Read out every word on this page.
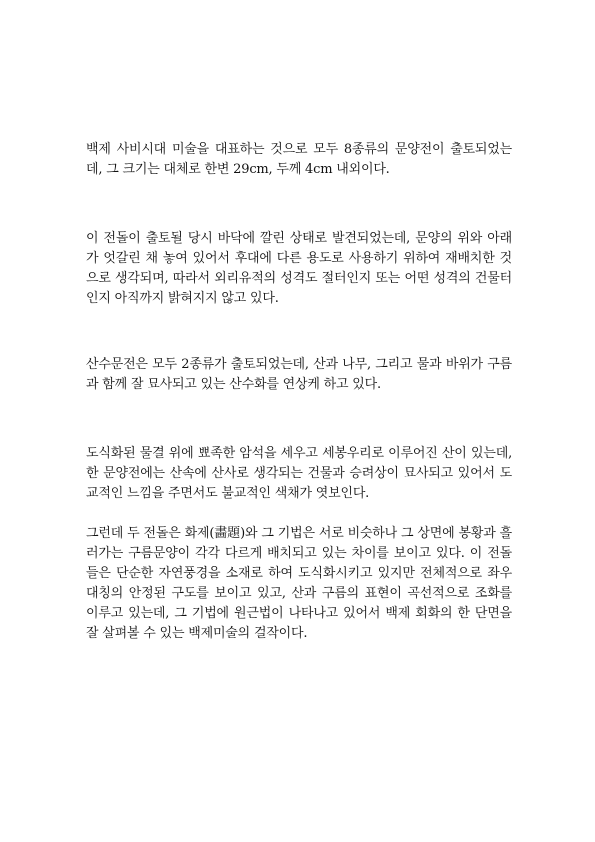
백제 사비시대 미술을 대표하는 것으로 모두 8종류의 문양전이 출토되었는데, 그 크기는 대체로 한변 29cm, 두께 4cm 내외이다.

이 전돌이 출토될 당시 바닥에 깔린 상태로 발견되었는데, 문양의 위와 아래가 엇갈린 채 놓여 있어서 후대에 다른 용도로 사용하기 위하여 재배치한 것으로 생각되며, 따라서 외리유적의 성격도 절터인지 또는 어떤 성격의 건물터인지 아직까지 밝혀지지 않고 있다.

산수문전은 모두 2종류가 출토되었는데, 산과 나무, 그리고 물과 바위가 구름과 함께 잘 묘사되고 있는 산수화를 연상케 하고 있다.

도식화된 물결 위에 뾰족한 암석을 세우고 세봉우리로 이루어진 산이 있는데, 한 문양전에는 산속에 산사로 생각되는 건물과 승려상이 묘사되고 있어서 도교적인 느낌을 주면서도 불교적인 색채가 엿보인다.

그런데 두 전돌은 화제(畵題)와 그 기법은 서로 비슷하나 그 상면에 봉황과 흘러가는 구름문양이 각각 다르게 배치되고 있는 차이를 보이고 있다. 이 전돌들은 단순한 자연풍경을 소재로 하여 도식화시키고 있지만 전체적으로 좌우대칭의 안정된 구도를 보이고 있고, 산과 구름의 표현이 곡선적으로 조화를 이루고 있는데, 그 기법에 원근법이 나타나고 있어서 백제 회화의 한 단면을 잘 살펴볼 수 있는 백제미술의 걸작이다.
